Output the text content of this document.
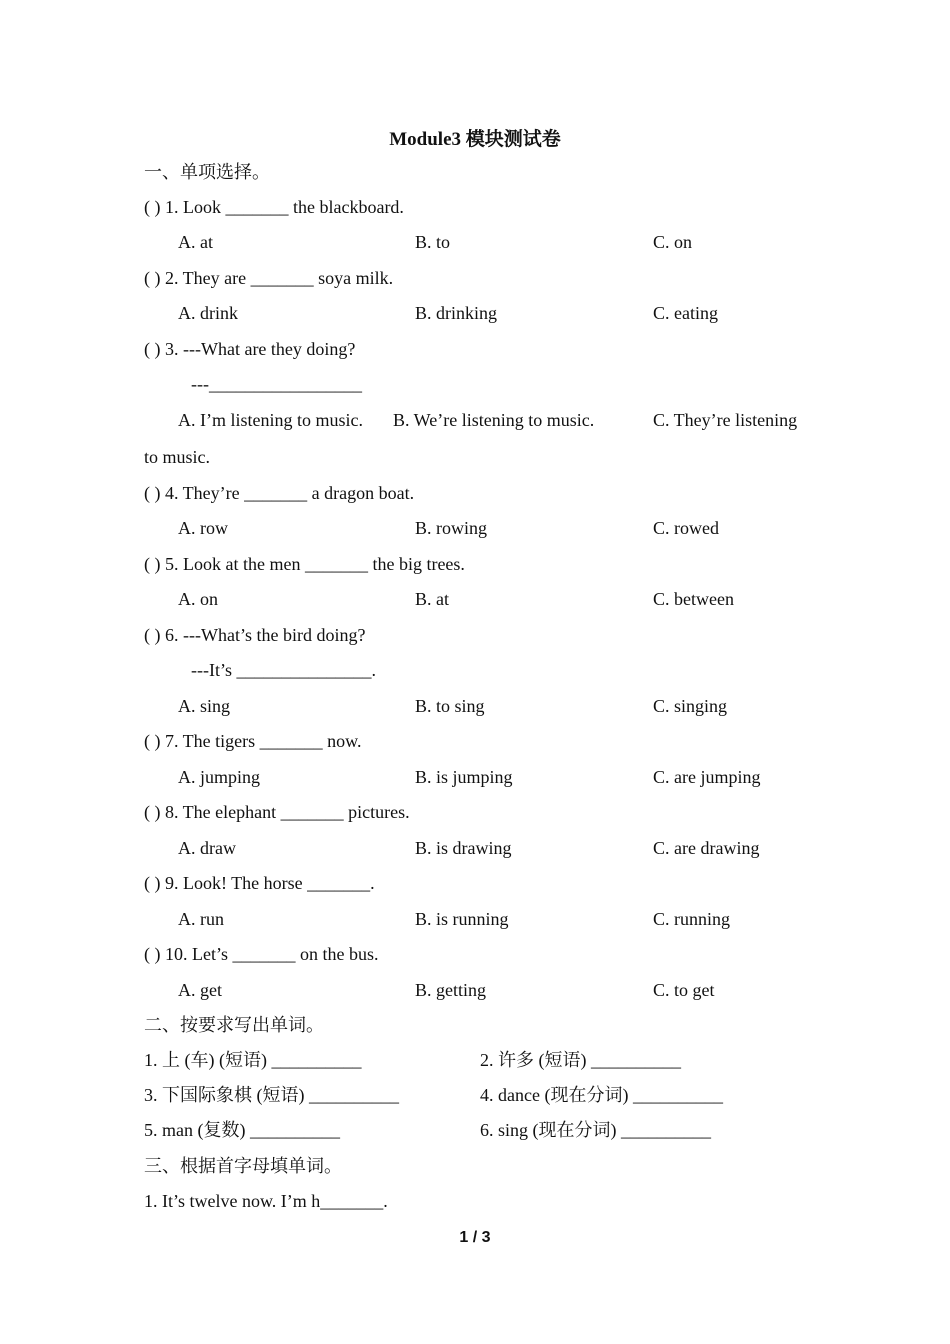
Module3 模块测试卷
一、单项选择。
( ) 1. Look _______ the blackboard.
A. at	B. to	C. on
( ) 2. They are _______ soya milk.
A. drink	B. drinking	C. eating
( ) 3. ---What are they doing?
---_________________
A. I’m listening to music. B. We’re listening to music.	C. They’re listening
to music.
( ) 4. They’re _______ a dragon boat.
A. row	B. rowing	C. rowed
( ) 5. Look at the men _______ the big trees.
A. on	B. at	C. between
( ) 6. ---What’s the bird doing?
---It’s _______________.
A. sing	B. to sing	C. singing
( ) 7. The tigers _______ now.
A. jumping	B. is jumping	C. are jumping
( ) 8. The elephant _______ pictures.
A. draw	B. is drawing	C. are drawing
( ) 9. Look! The horse _______.
A. run	B. is running	C. running
( ) 10. Let’s _______ on the bus.
A. get	B. getting	C. to get
二、按要求写出单词。
1. 上 (车) (短语) __________	2. 许多 (短语) __________
3. 下国际象棋 (短语) __________	4. dance (现在分词) __________
5. man (复数) __________	6. sing (现在分词) __________
三、根据首字母填单词。
1. It’s twelve now. I’m h_______.
1 / 3
